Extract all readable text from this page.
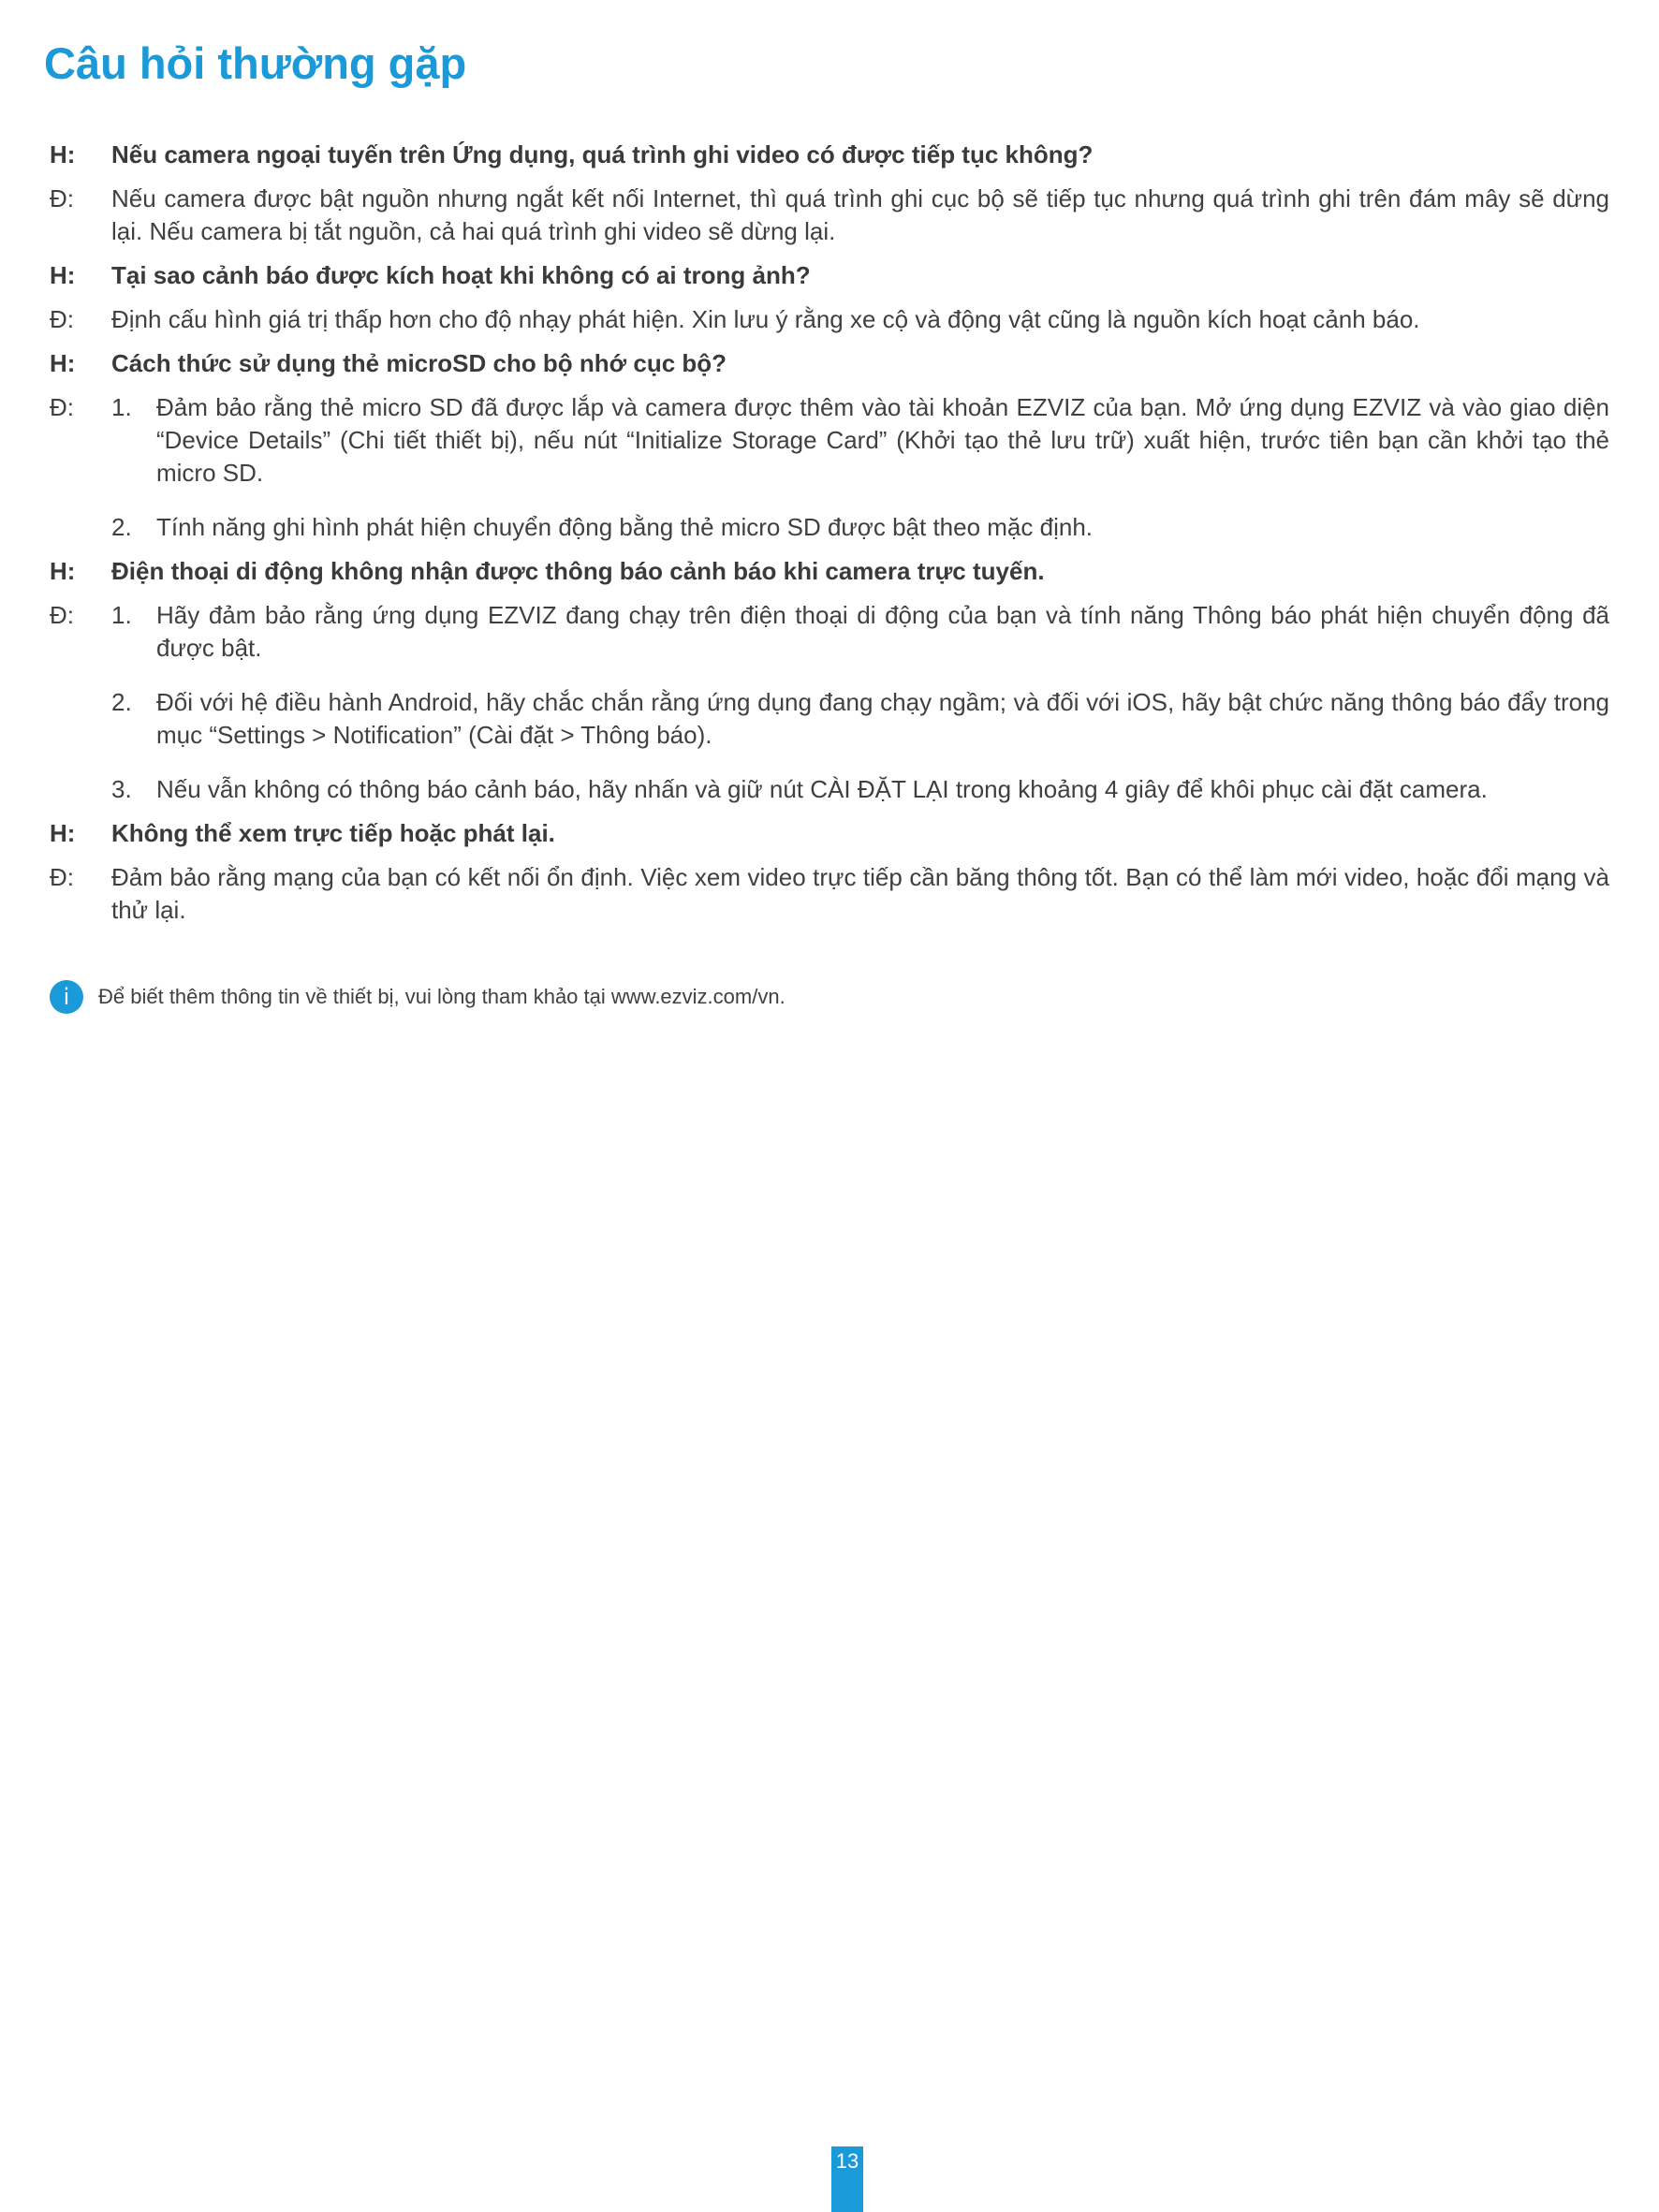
Câu hỏi thường gặp
H:	Nếu camera ngoại tuyến trên Ứng dụng, quá trình ghi video có được tiếp tục không?
Đ:	Nếu camera được bật nguồn nhưng ngắt kết nối Internet, thì quá trình ghi cục bộ sẽ tiếp tục nhưng quá trình ghi trên đám mây sẽ dừng lại. Nếu camera bị tắt nguồn, cả hai quá trình ghi video sẽ dừng lại.
H:	Tại sao cảnh báo được kích hoạt khi không có ai trong ảnh?
Đ:	Định cấu hình giá trị thấp hơn cho độ nhạy phát hiện. Xin lưu ý rằng xe cộ và động vật cũng là nguồn kích hoạt cảnh báo.
H:	Cách thức sử dụng thẻ microSD cho bộ nhớ cục bộ?
Đ:	1.	Đảm bảo rằng thẻ micro SD đã được lắp và camera được thêm vào tài khoản EZVIZ của bạn. Mở ứng dụng EZVIZ và vào giao diện “Device Details” (Chi tiết thiết bị), nếu nút “Initialize Storage Card” (Khởi tạo thẻ lưu trữ) xuất hiện, trước tiên bạn cần khởi tạo thẻ micro SD.
2.	Tính năng ghi hình phát hiện chuyển động bằng thẻ micro SD được bật theo mặc định.
H:	Điện thoại di động không nhận được thông báo cảnh báo khi camera trực tuyến.
Đ:	1.	Hãy đảm bảo rằng ứng dụng EZVIZ đang chạy trên điện thoại di động của bạn và tính năng Thông báo phát hiện chuyển động đã được bật.
2.	Đối với hệ điều hành Android, hãy chắc chắn rằng ứng dụng đang chạy ngầm; và đối với iOS, hãy bật chức năng thông báo đẩy trong mục “Settings > Notification” (Cài đặt > Thông báo).
3.	Nếu vẫn không có thông báo cảnh báo, hãy nhấn và giữ nút CÀI ĐẶT LẠI trong khoảng 4 giây để khôi phục cài đặt camera.
H:	Không thể xem trực tiếp hoặc phát lại.
Đ:	Đảm bảo rằng mạng của bạn có kết nối ổn định. Việc xem video trực tiếp cần băng thông tốt. Bạn có thể làm mới video, hoặc đổi mạng và thử lại.
i	Để biết thêm thông tin về thiết bị, vui lòng tham khảo tại www.ezviz.com/vn.
13
